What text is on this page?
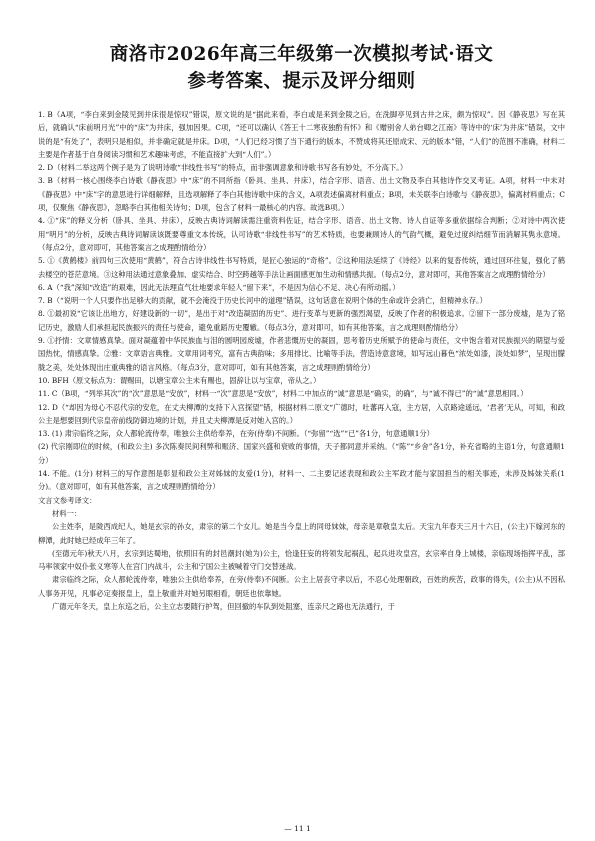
商洛市2026年高三年级第一次模拟考试·语文
参考答案、提示及评分细则

1. B（A项，“李白来到金陵见到井床很是惊叹”错误，原文说的是“据此来看，李白或是来到金陵之后，在洗脚亭见到古井之床，颇为惊叹”。因《静夜思》写在其后，就确认“床前明月光”中的“床”为井床，强加因果。C项，“还可以确认《答王十二寒夜独酌有怀》和《赠别舍人弟台卿之江南》等诗中的‘床’为井床”错误，文中说的是“有处了”，表明只是相似，并非确定就是井床。D项，“人们已经习惯了当下通行的版本，不赞成将其还原成宋、元的版本”错，“人们”的范围不准确，材料二主要是作者基于自身阅读习惯和艺术趣味考虑，不能直接扩大到“人们”。）

2. D（材料二举这两个例子是为了说明诗歌“非线性书写”的特点，而非强调意象和诗歌书写各有妙处，不分高下。）

3. B（材料一核心围绕李白诗歌《静夜思》中“床”的不同所指（卧具、坐具、井床），结合字形、语音、出土文物及李白其他诗作交叉考证。A项，材料一中未对《静夜思》中“床”字的意思进行详细解释，且选项解释了李白其他诗歌中床的含义，A项表述偏离材料重点；B项，未关联李白诗歌与《静夜思》，偏离材料重点；C项，仅聚焦《静夜思》，忽略李白其他相关诗句；D项，包含了材料一最核心的内容。故选B项。）

4. ①“床”的释义分析（卧具、坐具、井床），反映古典诗词解读需注重资料佐证，结合字形、语音、出土文物、诗人自证等多重依据综合判断；②对诗中两次使用“明月”的分析，反映古典诗词解读该既要尊重文本传统，认可诗歌“非线性书写”的艺术特质，也要兼顾诗人的气韵气概，避免过度纠结细节而消解其隽永意境。（每点2分，意对即可，其他答案言之成理酌情给分）

5. ①《黄鹤楼》前四句三次使用“黄鹤”，符合古诗非线性书写特质，是匠心独运的“奇格”。②这种用法延续了《诗经》以来的复沓传统，通过回环往复，强化了鹤去楼空的苍茫意境。③这种用法通过意象叠加、虚实结合、时空跨越等手法让画面感更加生动和情感共振。（每点2分，意对即可，其他答案言之成理酌情给分）

6. A（“我”深知“改造”的艰难，因此无法理直气壮地要求年轻人“留下来”，不是因为信心不足、决心有所动摇。）

7. B（“说明一个人只要作出足够大的贡献，就不会淹没于历史长河中的道理”错误，这句话意在说明个体的生命或许会消亡，但精神永存。）

8. ①最初说“它该让出地方，好建设新的一切”，是出于对“改造凝固的历史”、进行变革与更新的强烈渴望，反映了作者的积极追求。②留下一部分废墟，是为了铭记历史，激励人们承担起民族振兴的责任与使命，避免重蹈历史覆辙。（每点3分，意对即可，如有其他答案，言之成理则酌情给分）

9. ①抒情：文章情感真挚。面对凝蕴着中华民族血与泪的圆明园废墟，作者悲慨历史的凝固，思考着历史所赋予的使命与责任，文中饱含着对民族振兴的期望与爱国热忱，情感真挚。②雅：文章语言典雅。文章用词考究，富有古典韵味；多用排比、比喻等手法，营造诗意意境，如写远山暮色“浓处如漆，淡处如梦”，呈现出朦胧之美，处处体现出庄重典雅的语言风格。（每点3分，意对即可，如有其他答案，言之成理则酌情给分）

10. BFH（原文标点为：谓赐田，以塘宝章公主未有赐也，固辞让以与宝章，帝从之。）

11. C（B项，“列举其次”的“次”意思是“安放”，材料一“次”意思是“安放”，材料二中加点的“诚”意思是“确实，的确”，与“诚不得已”的“诚”意思相同。）

12. D（“却因为母心不忍代宗的安危，在丈夫柳潭的支持下入宫探望”错，根据材料二原文“广德时，吐蕃再入寇，主方居，入京路途遥远，‘君者’无从，可知，和政公主是想要回到代宗皇帝前线防御边境的计划，并且丈夫柳潭是反对她入宫的。）

13. (1) 肃宗临终之际，众人都轮流侍奉，唯独公主供给奉养，在旁(侍奉)不间断。（“弥留”“选”“已”各1分，句意通顺1分）

(2) 代宗刚即位的时候，(和政公主) 多次陈奏民间利弊和赈济、国家兴盛和衰败的事情，天子都同意并采纳。（“陈”“乡舍”各1分，补充省略的主语1分，句意通顺1分）

14. 不能。(1分) 材料三的写作意图是彰显和政公主对姊妹的友爱(1分)，材料一、二主要记述表现和政公主军政才能与家国担当的相关事迹，未涉及姊妹关系(1分)。（意对即可，如有其他答案，言之成理则酌情给分）

文言文参考译文：

材料一：

公主姓李，是陇西成纪人，她是玄宗的孙女，肃宗的第二个女儿。她是当今皇上的同母妹妹，母亲是章敬皇太后。天宝九年春天三月十六日，(公主)下嫁河东的柳潭，此时她已经成年三年了。

(至德元年)秋天八月，玄宗到达蜀地，依照旧有的封邑潮封(她为)公主，恰逢狂妄的将领发起祸乱，起兵进攻皇宫，玄宗率自身上城楼，亲临现场指挥平乱，部马率领家中奴仆张义寒等人在宫门内战斗，公主和宁国公主被喊着守门交替迷战。

肃宗临终之际，众人都轮流侍奉，唯独公主供给奉养，在旁(侍奉)不间断。公主上居丧守孝以后，不忍心处理朝政，百姓的疾苦，政事的得失，(公主)从不因私人事务开见，凡事必定奏报皇上，皇上敬重并对她另眼相看，朝廷也依靠她。

广德元年冬天，皇上东巡之后，公主立志要随行护驾，但回撤的车队到处阻塞，连亲尺之路也无法通行，于

— 11 1
